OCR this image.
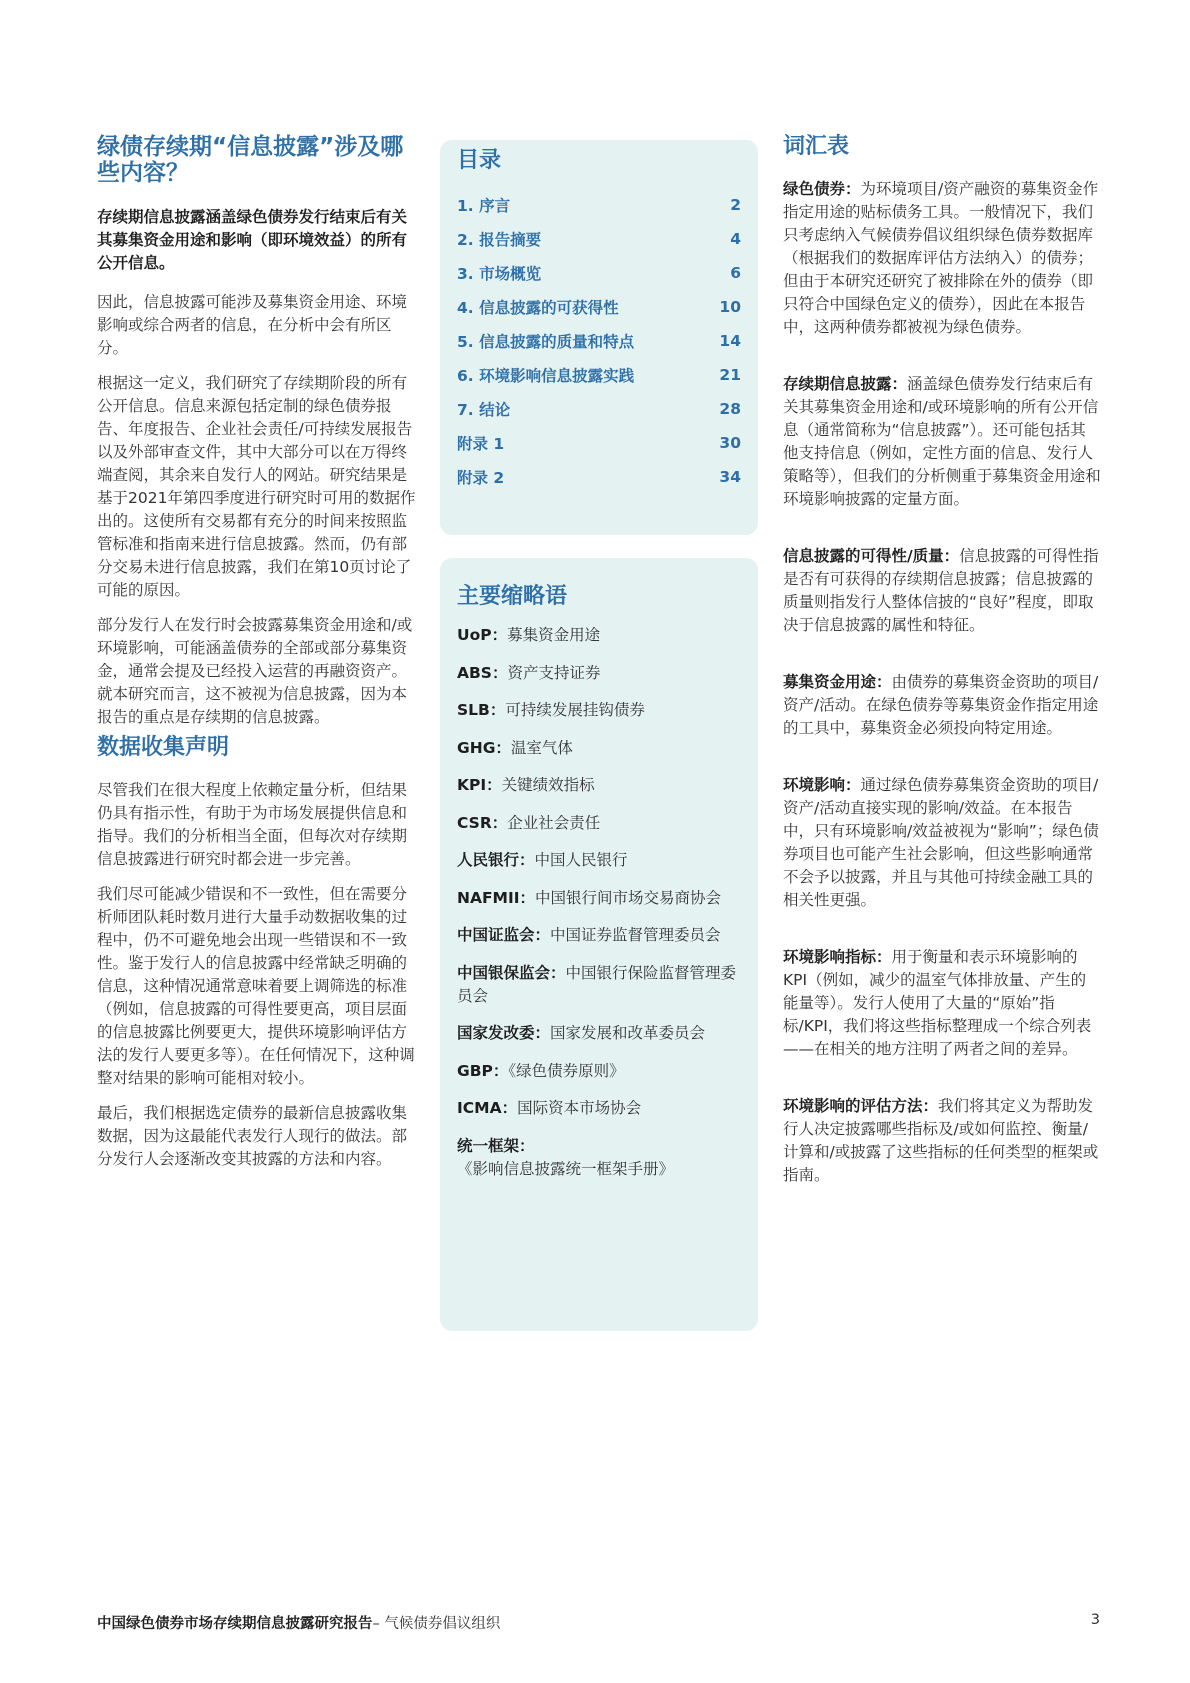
绿债存续期“信息披露”涉及哪些内容？

存续期信息披露涵盖绿色债券发行结束后有关其募集资金用途和影响（即环境效益）的所有公开信息。

因此，信息披露可能涉及募集资金用途、环境影响或综合两者的信息，在分析中会有所区分。

根据这一定义，我们研究了存续期阶段的所有公开信息。信息来源包括定制的绿色债券报告、年度报告、企业社会责任/可持续发展报告以及外部审查文件，其中大部分可以在万得终端查阅，其余来自发行人的网站。研究结果是基于2021年第四季度进行研究时可用的数据作出的。这使所有交易都有充分的时间来按照监管标准和指南来进行信息披露。然而，仍有部分交易未进行信息披露，我们在第10页讨论了可能的原因。

部分发行人在发行时会披露募集资金用途和/或环境影响，可能涵盖债券的全部或部分募集资金，通常会提及已经投入运营的再融资资产。就本研究而言，这不被视为信息披露，因为本报告的重点是存续期的信息披露。

数据收集声明

尽管我们在很大程度上依赖定量分析，但结果仍具有指示性，有助于为市场发展提供信息和指导。我们的分析相当全面，但每次对存续期信息披露进行研究时都会进一步完善。

我们尽可能减少错误和不一致性，但在需要分析师团队耗时数月进行大量手动数据收集的过程中，仍不可避免地会出现一些错误和不一致性。鉴于发行人的信息披露中经常缺乏明确的信息，这种情况通常意味着要上调筛选的标准（例如，信息披露的可得性要更高，项目层面的信息披露比例要更大，提供环境影响评估方法的发行人要更多等）。在任何情况下，这种调整对结果的影响可能相对较小。

最后，我们根据选定债券的最新信息披露收集数据，因为这最能代表发行人现行的做法。部分发行人会逐渐改变其披露的方法和内容。

目录
1. 序言	2
2. 报告摘要	4
3. 市场概览	6
4. 信息披露的可获得性	10
5. 信息披露的质量和特点	14
6. 环境影响信息披露实践	21
7. 结论	28
附录 1	30
附录 2	34
主要缩略语

UoP：募集资金用途

ABS：资产支持证券

SLB：可持续发展挂钩债券

GHG：温室气体

KPI：关键绩效指标

CSR：企业社会责任

人民银行：中国人民银行

NAFMII：中国银行间市场交易商协会

中国证监会：中国证券监督管理委员会

中国银保监会：中国银行保险监督管理委员会

国家发改委：国家发展和改革委员会

GBP：《绿色债券原则》

ICMA：国际资本市场协会

统一框架：《影响信息披露统一框架手册》

词汇表

绿色债券：为环境项目/资产融资的募集资金作指定用途的贴标债务工具。一般情况下，我们只考虑纳入气候债券倡议组织绿色债券数据库（根据我们的数据库评估方法纳入）的债券；但由于本研究还研究了被排除在外的债券（即只符合中国绿色定义的债券），因此在本报告中，这两种债券都被视为绿色债券。

存续期信息披露：涵盖绿色债券发行结束后有关其募集资金用途和/或环境影响的所有公开信息（通常简称为“信息披露”）。还可能包括其他支持信息（例如，定性方面的信息、发行人策略等），但我们的分析侧重于募集资金用途和环境影响披露的定量方面。

信息披露的可得性/质量：信息披露的可得性指是否有可获得的存续期信息披露；信息披露的质量则指发行人整体信披的“良好”程度，即取决于信息披露的属性和特征。

募集资金用途：由债券的募集资金资助的项目/资产/活动。在绿色债券等募集资金作指定用途的工具中，募集资金必须投向特定用途。

环境影响：通过绿色债券募集资金资助的项目/资产/活动直接实现的影响/效益。在本报告中，只有环境影响/效益被视为“影响”；绿色债券项目也可能产生社会影响，但这些影响通常不会予以披露，并且与其他可持续金融工具的相关性更强。

环境影响指标：用于衡量和表示环境影响的KPI（例如，减少的温室气体排放量、产生的能量等）。发行人使用了大量的“原始”指标/KPI，我们将这些指标整理成一个综合列表——在相关的地方注明了两者之间的差异。

环境影响的评估方法：我们将其定义为帮助发行人决定披露哪些指标及/或如何监控、衡量/计算和/或披露了这些指标的任何类型的框架或指南。

中国绿色债券市场存续期信息披露研究报告– 气候债券倡议组织	3
